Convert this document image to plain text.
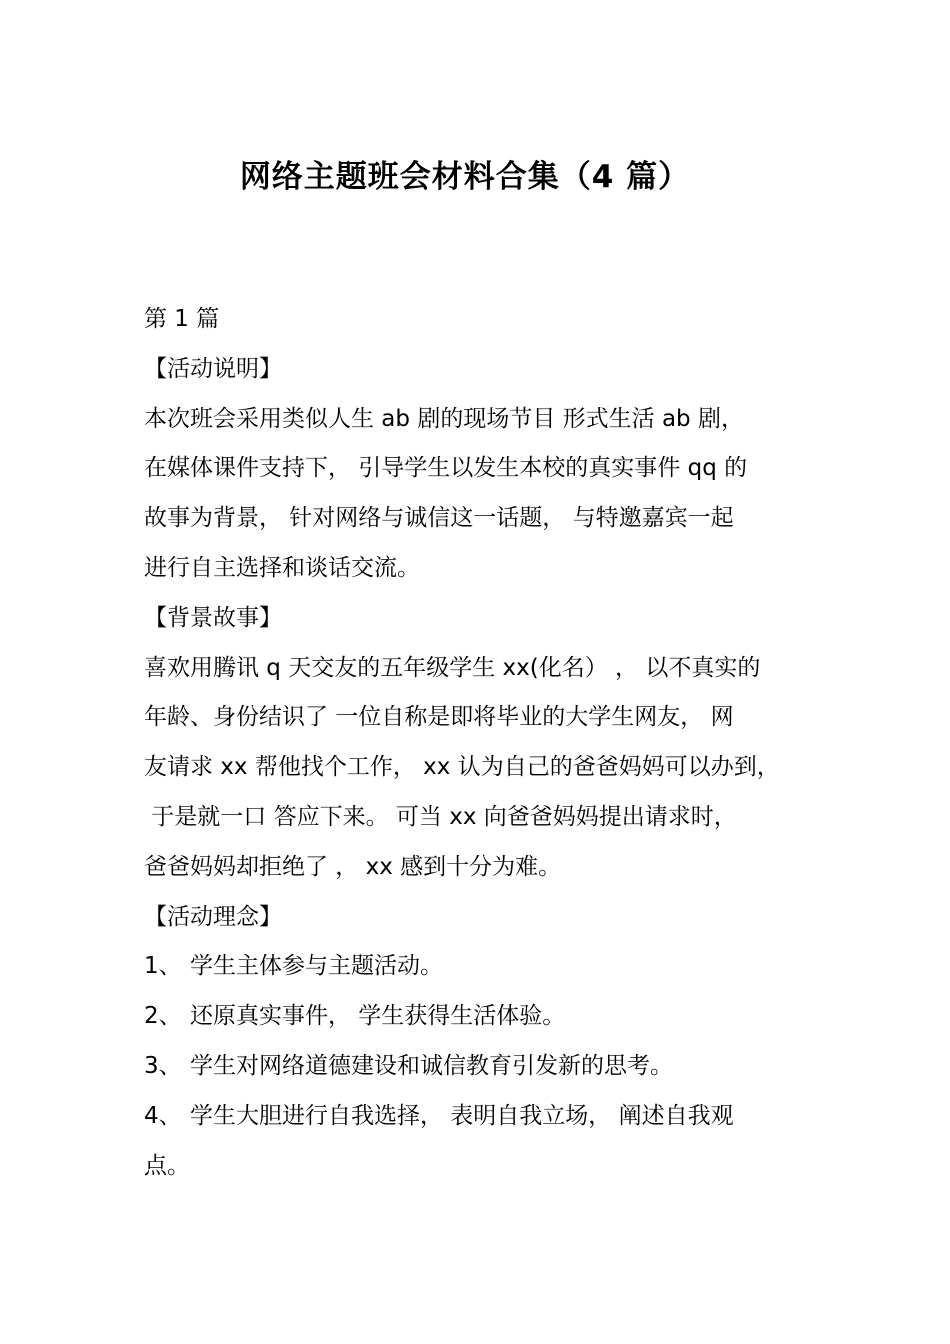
网络主题班会材料合集（4 篇）

第 1 篇

【活动说明】

本次班会采用类似人生 ab 剧的现场节目 形式生活 ab 剧，

在媒体课件支持下， 引导学生以发生本校的真实事件 qq 的

故事为背景， 针对网络与诚信这一话题， 与特邀嘉宾一起

进行自主选择和谈话交流。

【背景故事】

喜欢用腾讯 q 天交友的五年级学生 xx(化名） ， 以不真实的

年龄、身份结识了 一位自称是即将毕业的大学生网友， 网

友请求 xx 帮他找个工作， xx 认为自己的爸爸妈妈可以办到，

于是就一口 答应下来。 可当 xx 向爸爸妈妈提出请求时，

爸爸妈妈却拒绝了 ， xx 感到十分为难。

【活动理念】

1、 学生主体参与主题活动。
2、 还原真实事件， 学生获得生活体验。
3、 学生对网络道德建设和诚信教育引发新的思考。
4、 学生大胆进行自我选择， 表明自我立场， 阐述自我观

点。
